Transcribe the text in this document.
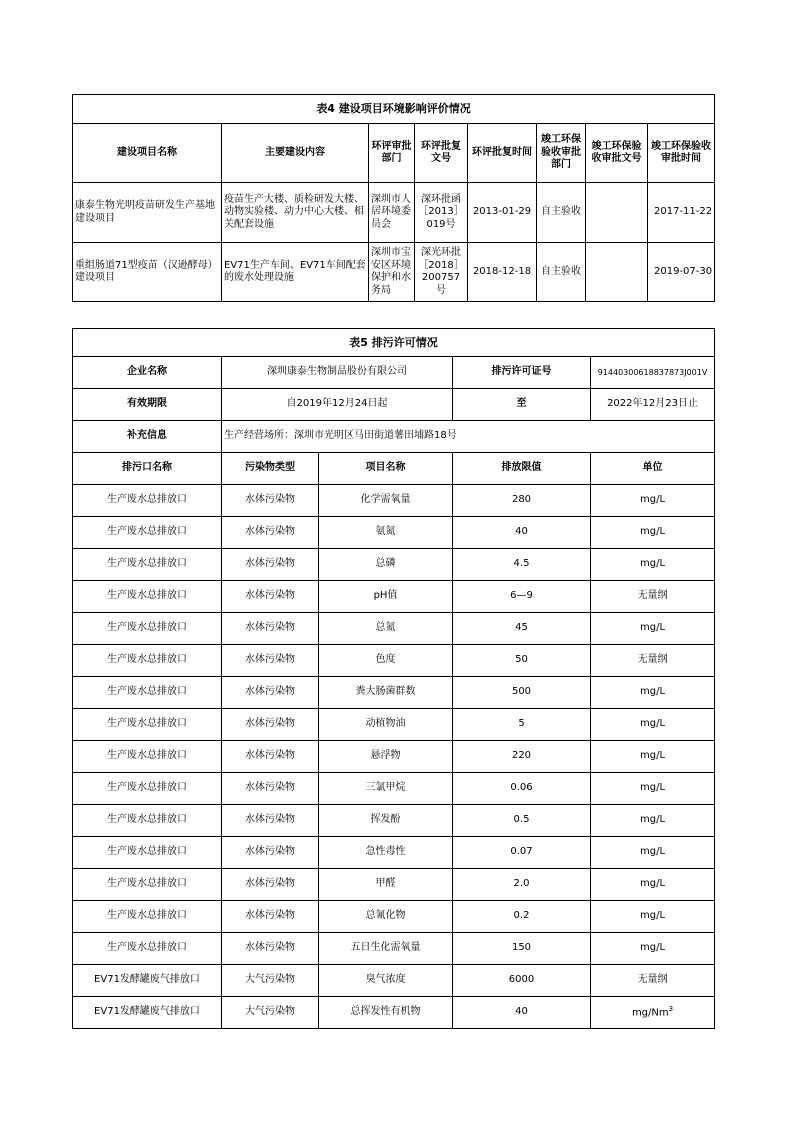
表4 建设项目环境影响评价情况							
建设项目名称	主要建设内容	环评审批部门	环评批复文号	环评批复时间	竣工环保验收审批部门	竣工环保验收审批文号	竣工环保验收审批时间
康泰生物光明疫苗研发生产基地建设项目	疫苗生产大楼、质检研发大楼、动物实验楼、动力中心大楼、相关配套设施	深圳市人居环境委员会	深环批函［2013］019号	2013-01-29	自主验收		2017-11-22
重组肠道71型疫苗（汉逊酵母）建设项目	EV71生产车间、EV71车间配套的废水处理设施	深圳市宝安区环境保护和水务局	深光环批［2018］200757号	2018-12-18	自主验收		2019-07-30
表5 排污许可情况				
企业名称	深圳康泰生物制品股份有限公司		排污许可证号	91440300618837873J001V
有效期限	自2019年12月24日起		至	2022年12月23日止
补充信息	生产经营场所：深圳市光明区马田街道薯田埔路18号			
排污口名称	污染物类型	项目名称	排放限值	单位
生产废水总排放口	水体污染物	化学需氧量	280	mg/L
生产废水总排放口	水体污染物	氨氮	40	mg/L
生产废水总排放口	水体污染物	总磷	4.5	mg/L
生产废水总排放口	水体污染物	pH值	6—9	无量纲
生产废水总排放口	水体污染物	总氮	45	mg/L
生产废水总排放口	水体污染物	色度	50	无量纲
生产废水总排放口	水体污染物	粪大肠菌群数	500	mg/L
生产废水总排放口	水体污染物	动植物油	5	mg/L
生产废水总排放口	水体污染物	悬浮物	220	mg/L
生产废水总排放口	水体污染物	三氯甲烷	0.06	mg/L
生产废水总排放口	水体污染物	挥发酚	0.5	mg/L
生产废水总排放口	水体污染物	急性毒性	0.07	mg/L
生产废水总排放口	水体污染物	甲醛	2.0	mg/L
生产废水总排放口	水体污染物	总氰化物	0.2	mg/L
生产废水总排放口	水体污染物	五日生化需氧量	150	mg/L
EV71发酵罐废气排放口	大气污染物	臭气浓度	6000	无量纲
EV71发酵罐废气排放口	大气污染物	总挥发性有机物	40	mg/Nm$^3$
